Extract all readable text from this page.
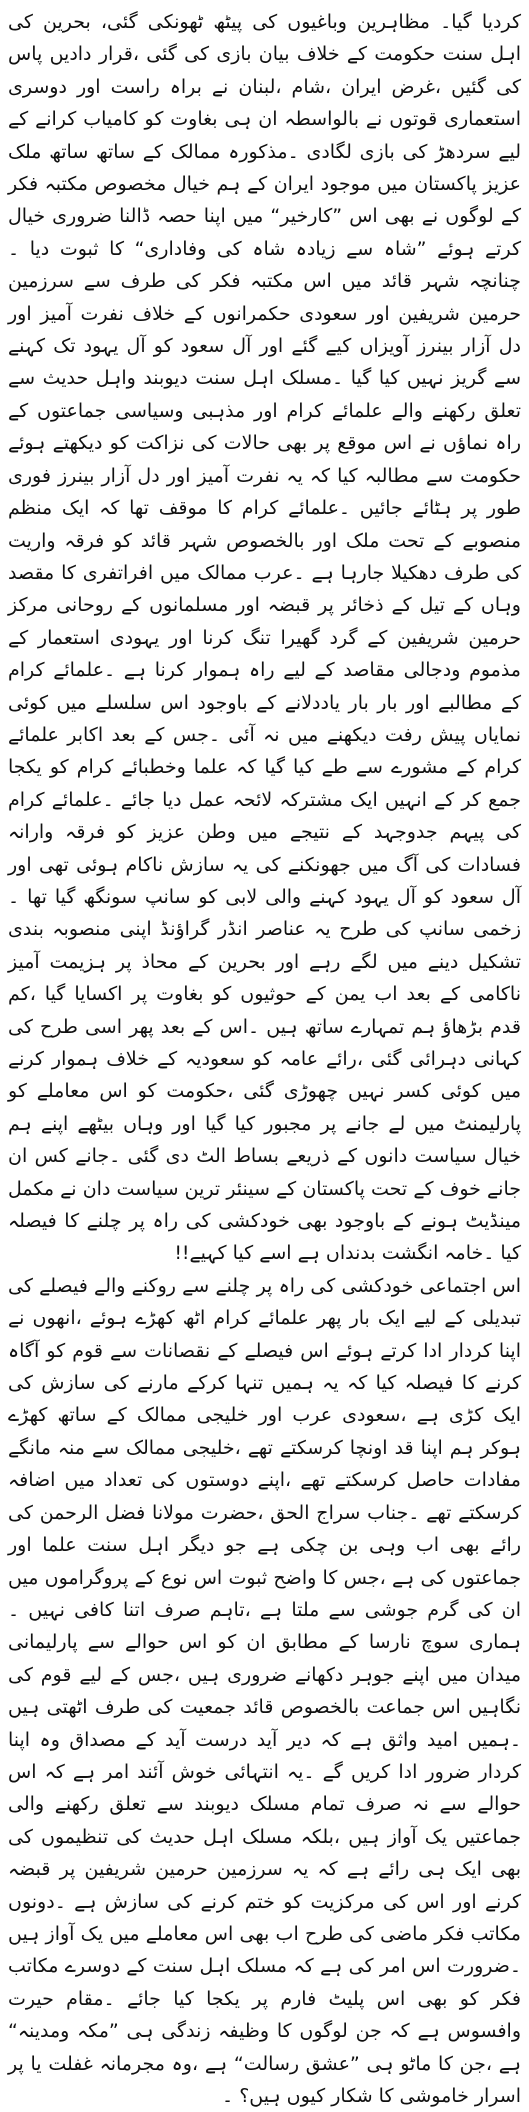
کردیا گیا۔ مظاہرین وباغیوں کی پیٹھ ٹھونکی گئی، بحرین کی اہل سنت حکومت کے خلاف بیان بازی کی گئی ،قرار دادیں پاس کی گئیں ،غرض ایران ،شام ،لبنان نے براہ راست اور دوسری استعماری قوتوں نے بالواسطہ ان ہی بغاوت کو کامیاب کرانے کے لیے سردھڑ کی بازی لگادی ۔مذکورہ ممالک کے ساتھ ساتھ ملک عزیز پاکستان میں موجود ایران کے ہم خیال مخصوص مکتبہ فکر کے لوگوں نے بھی اس ”کارخیر“ میں اپنا حصہ ڈالنا ضروری خیال کرتے ہوئے ”شاہ سے زیادہ شاہ کی وفاداری“ کا ثبوت دیا ۔چنانچہ شہر قائد میں اس مکتبہ فکر کی طرف سے سرزمین حرمین شریفین اور سعودی حکمرانوں کے خلاف نفرت آمیز اور دل آزار بینرز آویزاں کیے گئے اور آل سعود کو آل یہود تک کہنے سے گریز نہیں کیا گیا ۔مسلک اہل سنت دیوبند واہل حدیث سے تعلق رکھنے والے علمائے کرام اور مذہبی وسیاسی جماعتوں کے راہ نماؤں نے اس موقع پر بھی حالات کی نزاکت کو دیکھتے ہوئے حکومت سے مطالبہ کیا کہ یہ نفرت آمیز اور دل آزار بینرز فوری طور پر ہٹائے جائیں ۔علمائے کرام کا موقف تھا کہ ایک منظم منصوبے کے تحت ملک اور بالخصوص شہر قائد کو فرقہ واریت کی طرف دھکیلا جارہا ہے ۔عرب ممالک میں افراتفری کا مقصد وہاں کے تیل کے ذخائر پر قبضہ اور مسلمانوں کے روحانی مرکز حرمین شریفین کے گرد گھیرا تنگ کرنا اور یہودی استعمار کے مذموم ودجالی مقاصد کے لیے راہ ہموار کرنا ہے ۔علمائے کرام کے مطالبے اور بار بار یاددلانے کے باوجود اس سلسلے میں کوئی نمایاں پیش رفت دیکھنے میں نہ آئی ۔جس کے بعد اکابر علمائے کرام کے مشورے سے طے کیا گیا کہ علما وخطبائے کرام کو یکجا جمع کر کے انہیں ایک مشترکہ لائحہ عمل دیا جائے ۔علمائے کرام کی پیہم جدوجہد کے نتیجے میں وطن عزیز کو فرقہ وارانہ فسادات کی آگ میں جھونکنے کی یہ سازش ناکام ہوئی تھی اور آل سعود کو آل یہود کہنے والی لابی کو سانپ سونگھ گیا تھا ۔زخمی سانپ کی طرح یہ عناصر انڈر گراؤنڈ اپنی منصوبہ بندی تشکیل دینے میں لگے رہے اور بحرین کے محاذ پر ہزیمت آمیز ناکامی کے بعد اب یمن کے حوثیوں کو بغاوت پر اکسایا گیا ،کم قدم بڑھاؤ ہم تمہارے ساتھ ہیں ۔اس کے بعد پھر اسی طرح کی کہانی دہرائی گئی ،رائے عامہ کو سعودیہ کے خلاف ہموار کرنے میں کوئی کسر نہیں چھوڑی گئی ،حکومت کو اس معاملے کو پارلیمنٹ میں لے جانے پر مجبور کیا گیا اور وہاں بیٹھے اپنے ہم خیال سیاست دانوں کے ذریعے بساط الٹ دی گئی ۔جانے کس ان جانے خوف کے تحت پاکستان کے سینئر ترین سیاست دان نے مکمل مینڈیٹ ہونے کے باوجود بھی خودکشی کی راہ پر چلنے کا فیصلہ کیا ۔خامہ انگشت بدنداں ہے اسے کیا کہیے!!

اس اجتماعی خودکشی کی راہ پر چلنے سے روکنے والے فیصلے کی تبدیلی کے لیے ایک بار پھر علمائے کرام اٹھ کھڑے ہوئے ،انھوں نے اپنا کردار ادا کرتے ہوئے اس فیصلے کے نقصانات سے قوم کو آگاہ کرنے کا فیصلہ کیا کہ یہ ہمیں تنہا کرکے مارنے کی سازش کی ایک کڑی ہے ،سعودی عرب اور خلیجی ممالک کے ساتھ کھڑے ہوکر ہم اپنا قد اونچا کرسکتے تھے ،خلیجی ممالک سے منہ مانگے مفادات حاصل کرسکتے تھے ،اپنے دوستوں کی تعداد میں اضافہ کرسکتے تھے ۔جناب سراج الحق ،حضرت مولانا فضل الرحمن کی رائے بھی اب وہی بن چکی ہے جو دیگر اہل سنت علما اور جماعتوں کی ہے ،جس کا واضح ثبوت اس نوع کے پروگراموں میں ان کی گرم جوشی سے ملتا ہے ،تاہم صرف اتنا کافی نہیں ۔ہماری سوچ نارسا کے مطابق ان کو اس حوالے سے پارلیمانی میدان میں اپنے جوہر دکھانے ضروری ہیں ،جس کے لیے قوم کی نگاہیں اس جماعت بالخصوص قائد جمعیت کی طرف اٹھتی ہیں ۔ہمیں امید واثق ہے کہ دیر آید درست آید کے مصداق وہ اپنا کردار ضرور ادا کریں گے ۔یہ انتہائی خوش آئند امر ہے کہ اس حوالے سے نہ صرف تمام مسلک دیوبند سے تعلق رکھنے والی جماعتیں یک آواز ہیں ،بلکہ مسلک اہل حدیث کی تنظیموں کی بھی ایک ہی رائے ہے کہ یہ سرزمین حرمین شریفین پر قبضہ کرنے اور اس کی مرکزیت کو ختم کرنے کی سازش ہے ۔دونوں مکاتب فکر ماضی کی طرح اب بھی اس معاملے میں یک آواز ہیں ۔ضرورت اس امر کی ہے کہ مسلک اہل سنت کے دوسرے مکاتب فکر کو بھی اس پلیٹ فارم پر یکجا کیا جائے ۔مقام حیرت وافسوس ہے کہ جن لوگوں کا وظیفہ زندگی ہی ”مکہ ومدینہ“ ہے ،جن کا ماٹو ہی ”عشق رسالت“ ہے ،وہ مجرمانہ غفلت یا پر اسرار خاموشی کا شکار کیوں ہیں؟ ۔
